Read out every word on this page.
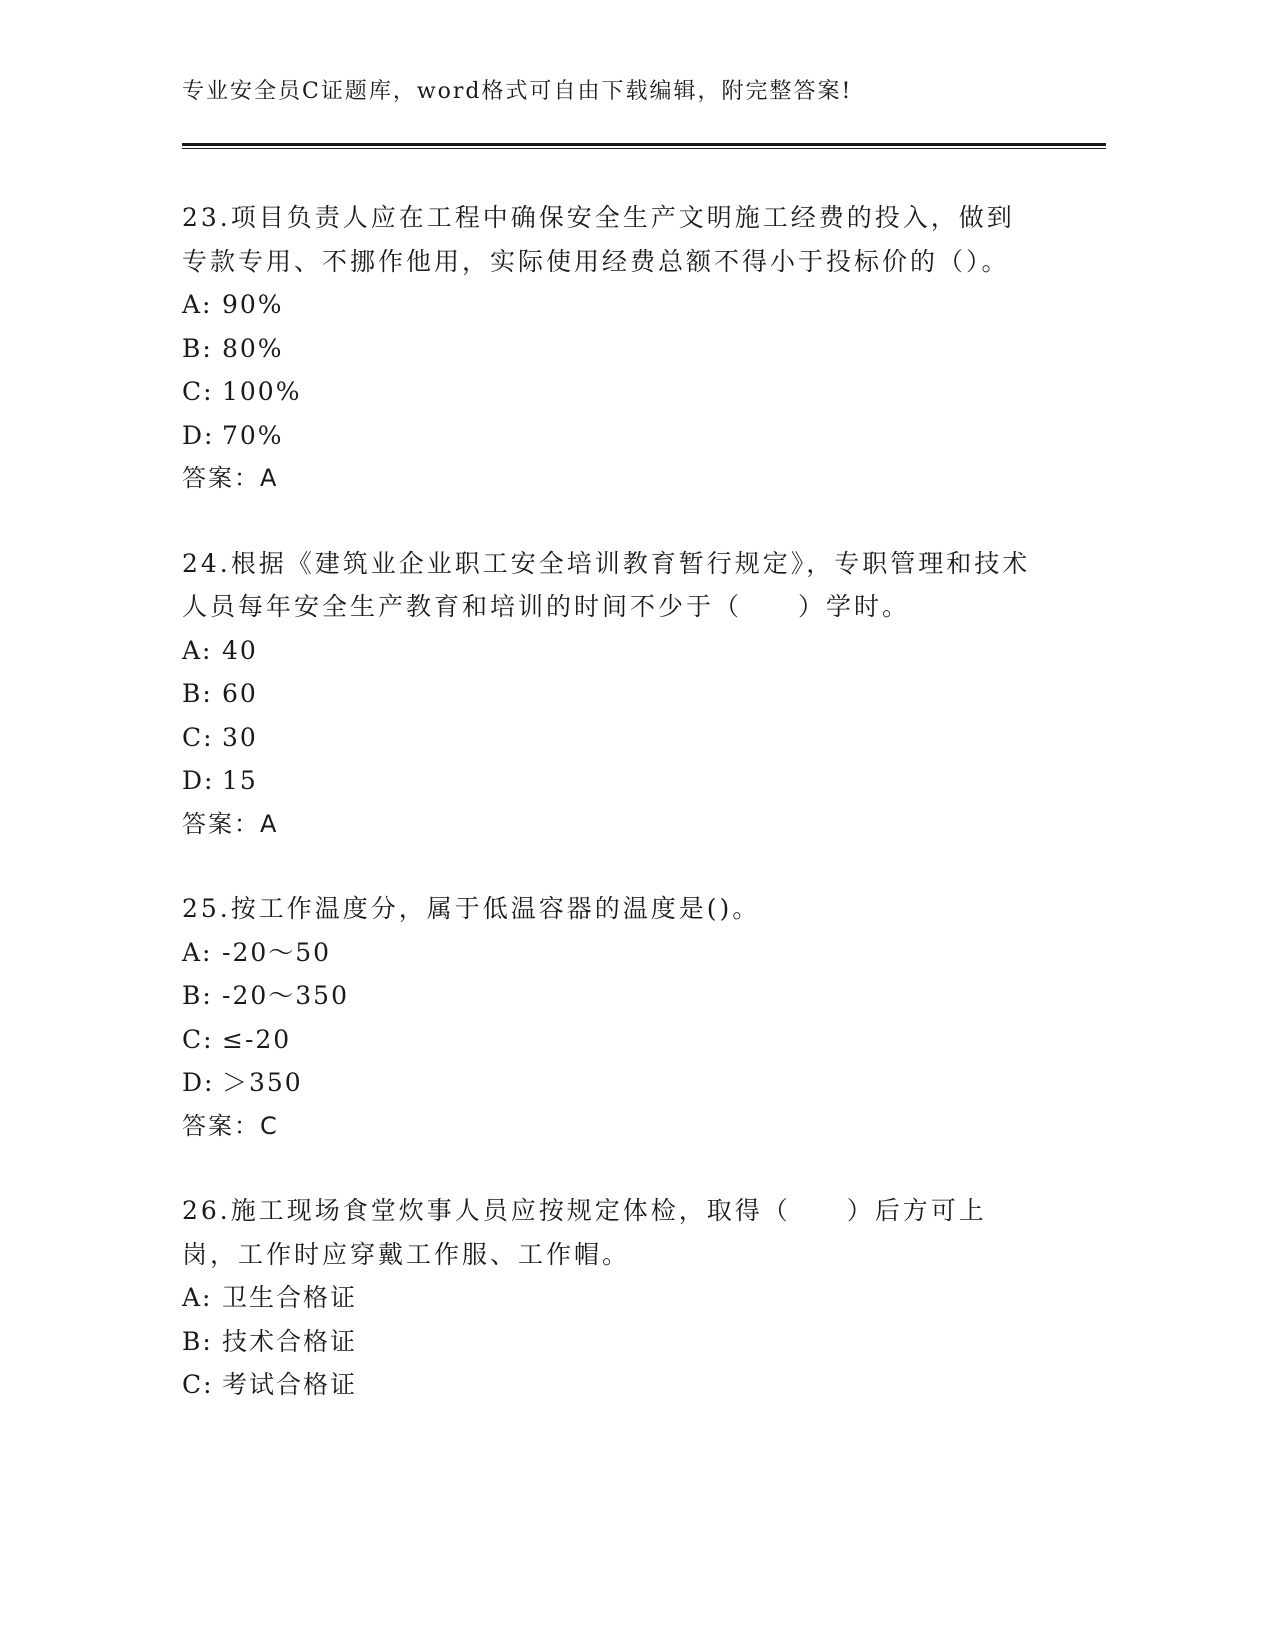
专业安全员C证题库，word格式可自由下载编辑，附完整答案!

23.项目负责人应在工程中确保安全生产文明施工经费的投入，做到专款专用、不挪作他用，实际使用经费总额不得小于投标价的（）。

A: 90%
B: 80%
C: 100%
D: 70%
答案：A

24.根据《建筑业企业职工安全培训教育暂行规定》，专职管理和技术人员每年安全生产教育和培训的时间不少于（　　）学时。

A: 40
B: 60
C: 30
D: 15
答案：A

25.按工作温度分，属于低温容器的温度是()。

A: -20～50
B: -20～350
C: ≤-20
D: ＞350
答案：C

26.施工现场食堂炊事人员应按规定体检，取得（　　）后方可上岗，工作时应穿戴工作服、工作帽。

A: 卫生合格证
B: 技术合格证
C: 考试合格证
